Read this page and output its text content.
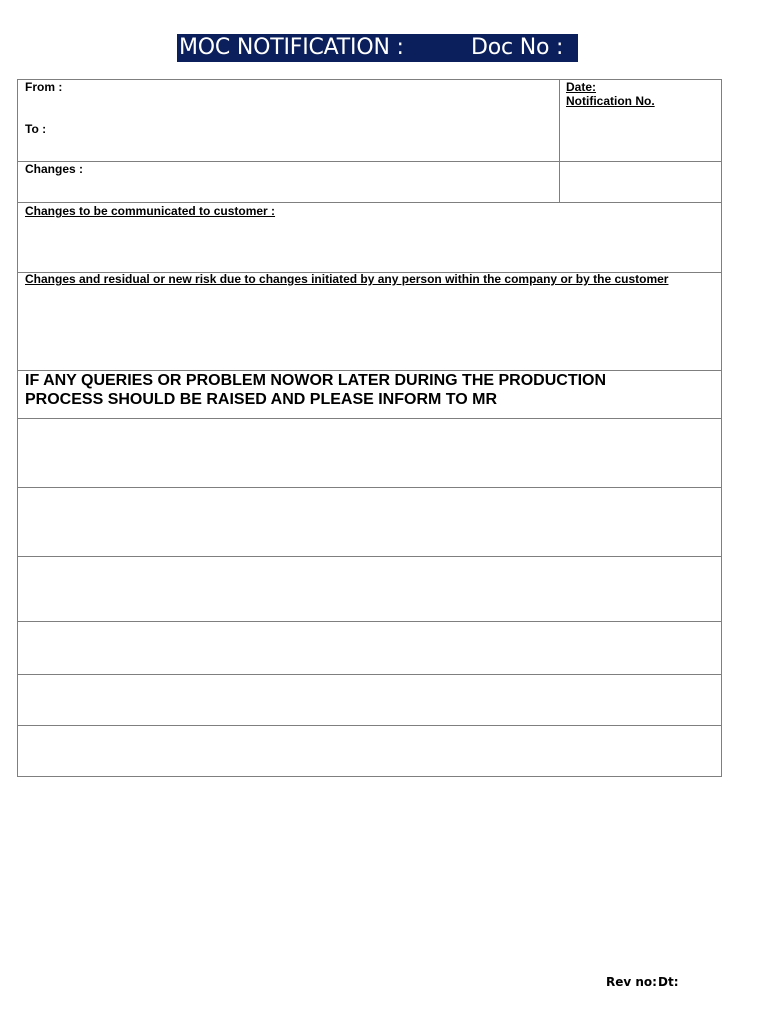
MOC NOTIFICATION :

	Doc No :

From :
To :
Date:
Notification No.
Changes :
Changes to be communicated to customer :
Changes and residual or new risk due to changes initiated by any person within the company or by the customer
IF ANY QUERIES OR PROBLEM NOWOR LATER DURING THE PRODUCTION
PROCESS SHOULD BE RAISED AND PLEASE INFORM TO MR
Rev no: Dt:
